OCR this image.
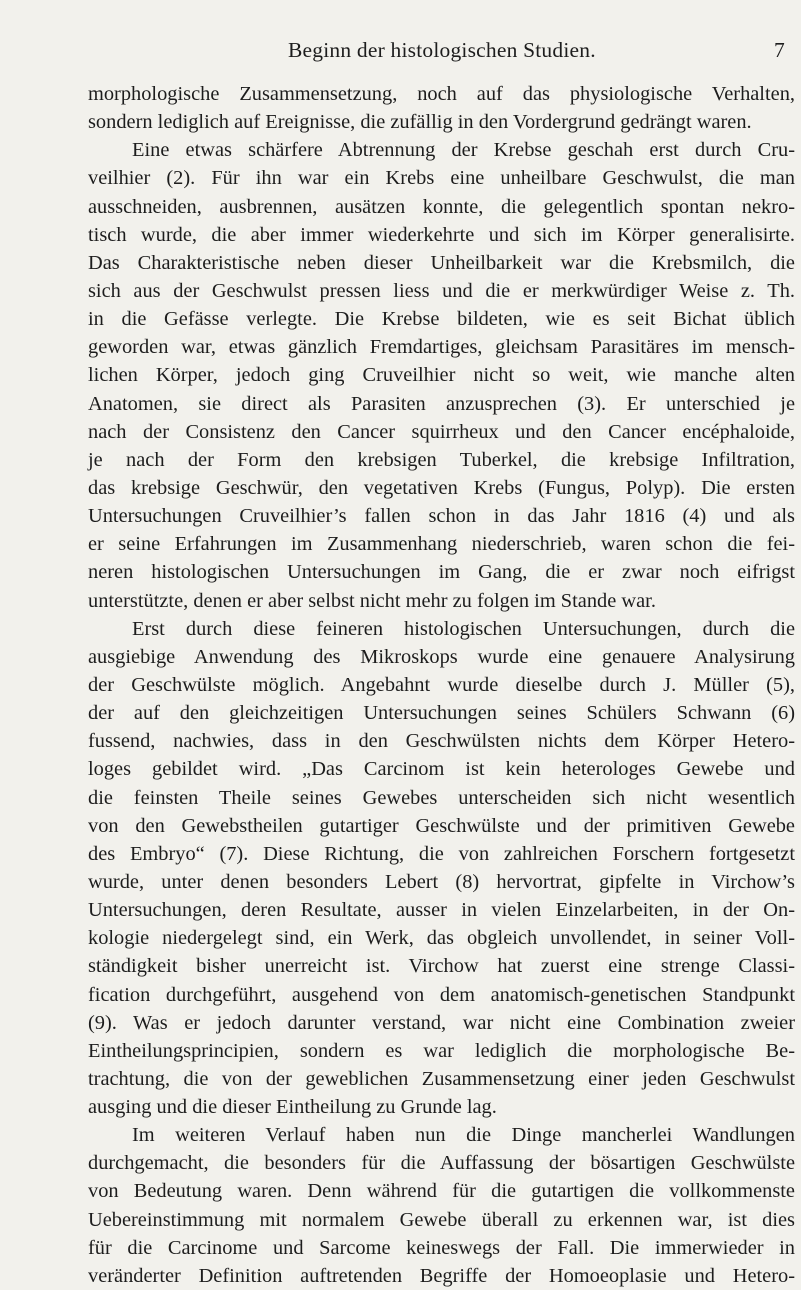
Beginn der histologischen Studien.	7
morphologische Zusammensetzung, noch auf das physiologische Verhalten,
sondern lediglich auf Ereignisse, die zufällig in den Vordergrund gedrängt waren.
Eine etwas schärfere Abtrennung der Krebse geschah erst durch Cru-
veilhier (2). Für ihn war ein Krebs eine unheilbare Geschwulst, die man
ausschneiden, ausbrennen, ausätzen konnte, die gelegentlich spontan nekro-
tisch wurde, die aber immer wiederkehrte und sich im Körper generalisirte.
Das Charakteristische neben dieser Unheilbarkeit war die Krebsmilch, die
sich aus der Geschwulst pressen liess und die er merkwürdiger Weise z. Th.
in die Gefässe verlegte. Die Krebse bildeten, wie es seit Bichat üblich
geworden war, etwas gänzlich Fremdartiges, gleichsam Parasitäres im mensch-
lichen Körper, jedoch ging Cruveilhier nicht so weit, wie manche alten
Anatomen, sie direct als Parasiten anzusprechen (3). Er unterschied je
nach der Consistenz den Cancer squirrheux und den Cancer encéphaloide,
je nach der Form den krebsigen Tuberkel, die krebsige Infiltration,
das krebsige Geschwür, den vegetativen Krebs (Fungus, Polyp). Die ersten
Untersuchungen Cruveilhier’s fallen schon in das Jahr 1816 (4) und als
er seine Erfahrungen im Zusammenhang niederschrieb, waren schon die fei-
neren histologischen Untersuchungen im Gang, die er zwar noch eifrigst
unterstützte, denen er aber selbst nicht mehr zu folgen im Stande war.
Erst durch diese feineren histologischen Untersuchungen, durch die
ausgiebige Anwendung des Mikroskops wurde eine genauere Analysirung
der Geschwülste möglich. Angebahnt wurde dieselbe durch J. Müller (5),
der auf den gleichzeitigen Untersuchungen seines Schülers Schwann (6)
fussend, nachwies, dass in den Geschwülsten nichts dem Körper Hetero-
loges gebildet wird. „Das Carcinom ist kein heterologes Gewebe und
die feinsten Theile seines Gewebes unterscheiden sich nicht wesentlich
von den Gewebstheilen gutartiger Geschwülste und der primitiven Gewebe
des Embryo“ (7). Diese Richtung, die von zahlreichen Forschern fortgesetzt
wurde, unter denen besonders Lebert (8) hervortrat, gipfelte in Virchow’s
Untersuchungen, deren Resultate, ausser in vielen Einzelarbeiten, in der On-
kologie niedergelegt sind, ein Werk, das obgleich unvollendet, in seiner Voll-
ständigkeit bisher unerreicht ist. Virchow hat zuerst eine strenge Classi-
fication durchgeführt, ausgehend von dem anatomisch-genetischen Standpunkt
(9). Was er jedoch darunter verstand, war nicht eine Combination zweier
Eintheilungsprincipien, sondern es war lediglich die morphologische Be-
trachtung, die von der geweblichen Zusammensetzung einer jeden Geschwulst
ausging und die dieser Eintheilung zu Grunde lag.
Im weiteren Verlauf haben nun die Dinge mancherlei Wandlungen
durchgemacht, die besonders für die Auffassung der bösartigen Geschwülste
von Bedeutung waren. Denn während für die gutartigen die vollkommenste
Uebereinstimmung mit normalem Gewebe überall zu erkennen war, ist dies
für die Carcinome und Sarcome keineswegs der Fall. Die immerwieder in
veränderter Definition auftretenden Begriffe der Homoeoplasie und Hetero-
